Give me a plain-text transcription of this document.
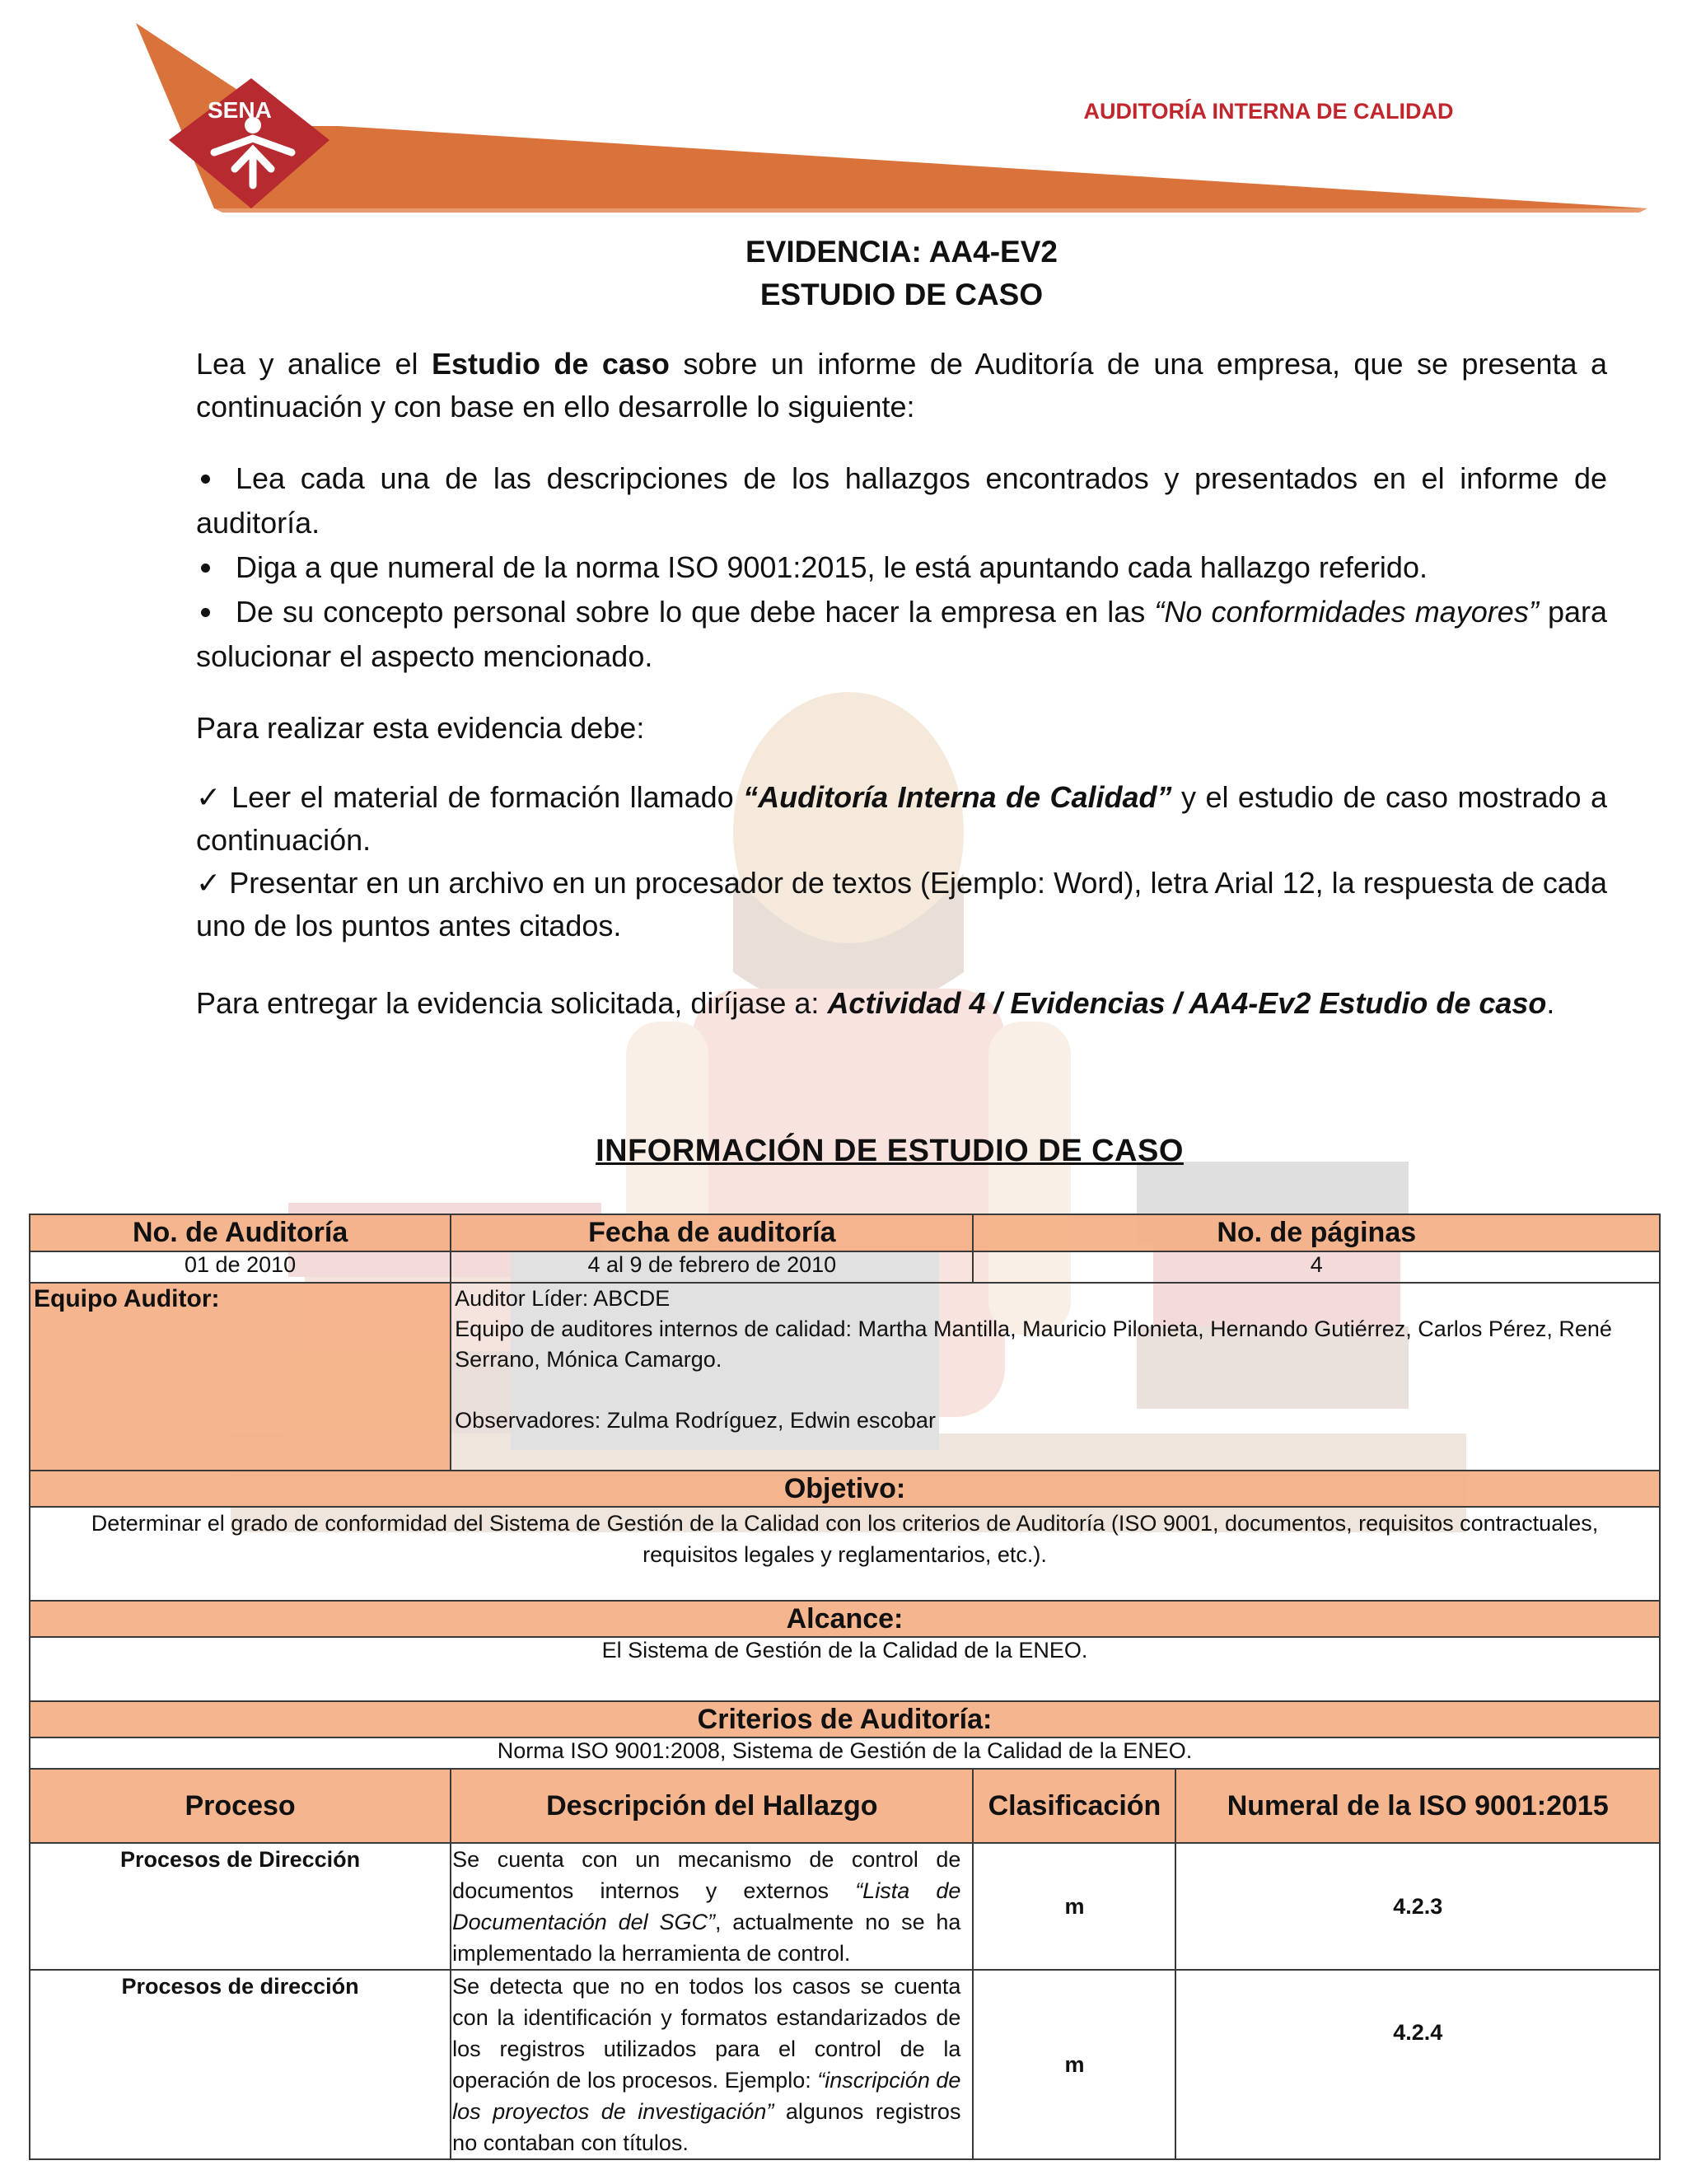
SENA	AUDITORÍA INTERNA DE CALIDAD

EVIDENCIA: AA4-EV2

ESTUDIO DE CASO

Lea y analice el Estudio de caso sobre un informe de Auditoría de una empresa, que se presenta a continuación y con base en ello desarrolle lo siguiente:

Lea cada una de las descripciones de los hallazgos encontrados y presentados en el informe de auditoría.
Diga a que numeral de la norma ISO 9001:2015, le está apuntando cada hallazgo referido.
De su concepto personal sobre lo que debe hacer la empresa en las “No conformidades mayores” para solucionar el aspecto mencionado.

Para realizar esta evidencia debe:

✓ Leer el material de formación llamado “Auditoría Interna de Calidad” y el estudio de caso mostrado a continuación.
✓ Presentar en un archivo en un procesador de textos (Ejemplo: Word), letra Arial 12, la respuesta de cada uno de los puntos antes citados.

Para entregar la evidencia solicitada, diríjase a: Actividad 4 / Evidencias / AA4-Ev2 Estudio de caso.

INFORMACIÓN DE ESTUDIO DE CASO
No. de Auditoría	Fecha de auditoría	No. de páginas	
01 de 2010	4 al 9 de febrero de 2010	4	
Equipo Auditor:	Auditor Líder: ABCDE
Equipo de auditores internos de calidad: Martha Mantilla, Mauricio Pilonieta, Hernando Gutiérrez, Carlos Pérez, René Serrano, Mónica Camargo.
Observadores: Zulma Rodríguez, Edwin escobar		

Objetivo:			
Determinar el grado de conformidad del Sistema de Gestión de la Calidad con los criterios de Auditoría (ISO 9001, documentos, requisitos contractuales, requisitos legales y reglamentarios, etc.).			
Alcance:			
El Sistema de Gestión de la Calidad de la ENEO.			
Criterios de Auditoría:			
Norma ISO 9001:2008, Sistema de Gestión de la Calidad de la ENEO.			
Proceso	Descripción del Hallazgo	Clasificación	Numeral de la ISO 9001:2015
Procesos de Dirección	Se cuenta con un mecanismo de control de documentos internos y externos “Lista de Documentación del SGC”, actualmente no se ha implementado la herramienta de control.	m	4.2.3
Procesos de dirección	Se detecta que no en todos los casos se cuenta con la identificación y formatos estandarizados de los registros utilizados para el control de la operación de los procesos. Ejemplo: “inscripción de los proyectos de investigación” algunos registros no contaban con títulos.	m	4.2.4
